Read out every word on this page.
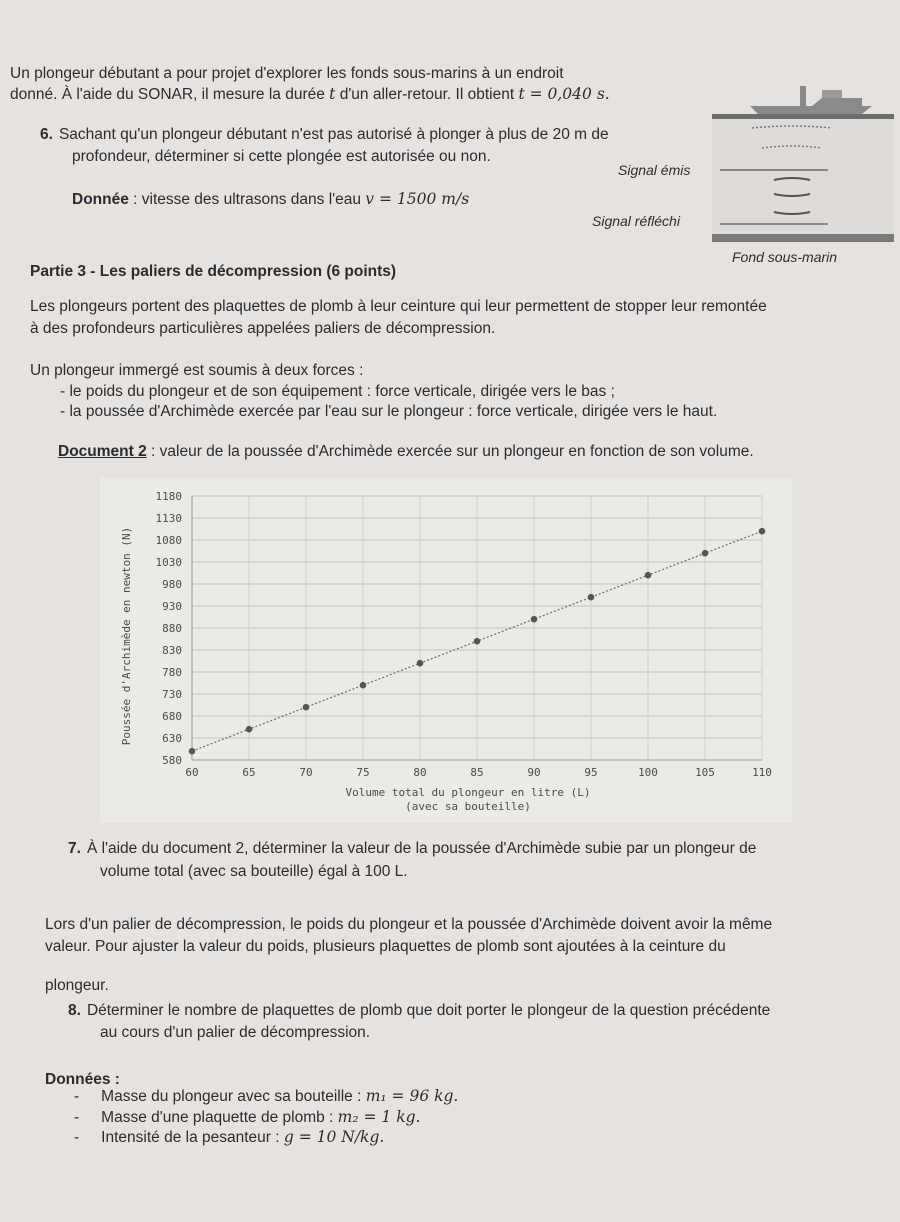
Un plongeur débutant a pour projet d'explorer les fonds sous-marins à un endroit
donné. À l'aide du SONAR, il mesure la durée t d'un aller-retour. Il obtient t = 0,040 s.
6. Sachant qu'un plongeur débutant n'est pas autorisé à plonger à plus de 20 m de
profondeur, déterminer si cette plongée est autorisée ou non.
Donnée : vitesse des ultrasons dans l'eau v = 1500 m/s
Signal émis
Signal réfléchi
Fond sous-marin
Partie 3 - Les paliers de décompression (6 points)
Les plongeurs portent des plaquettes de plomb à leur ceinture qui leur permettent de stopper leur remontée
à des profondeurs particulières appelées paliers de décompression.
Un plongeur immergé est soumis à deux forces :
- le poids du plongeur et de son équipement : force verticale, dirigée vers le bas ;
- la poussée d'Archimède exercée par l'eau sur le plongeur : force verticale, dirigée vers le haut.
Document 2 : valeur de la poussée d'Archimède exercée sur un plongeur en fonction de son volume.
580
630
680
730
780
830
880
930
980
1030
1080
1130
1180
60	65	70	75	80	85	90	95	100	105	110
Poussée d'Archimède en newton (N)
Volume total du plongeur en litre (L)
(avec sa bouteille)
7. À l'aide du document 2, déterminer la valeur de la poussée d'Archimède subie par un plongeur de
volume total (avec sa bouteille) égal à 100 L.
Lors d'un palier de décompression, le poids du plongeur et la poussée d'Archimède doivent avoir la même
valeur. Pour ajuster la valeur du poids, plusieurs plaquettes de plomb sont ajoutées à la ceinture du
plongeur.
8. Déterminer le nombre de plaquettes de plomb que doit porter le plongeur de la question précédente
au cours d'un palier de décompression.
Données :
- Masse du plongeur avec sa bouteille : m₁ = 96 kg.
- Masse d'une plaquette de plomb : m₂ = 1 kg.
- Intensité de la pesanteur : g = 10 N/kg.
